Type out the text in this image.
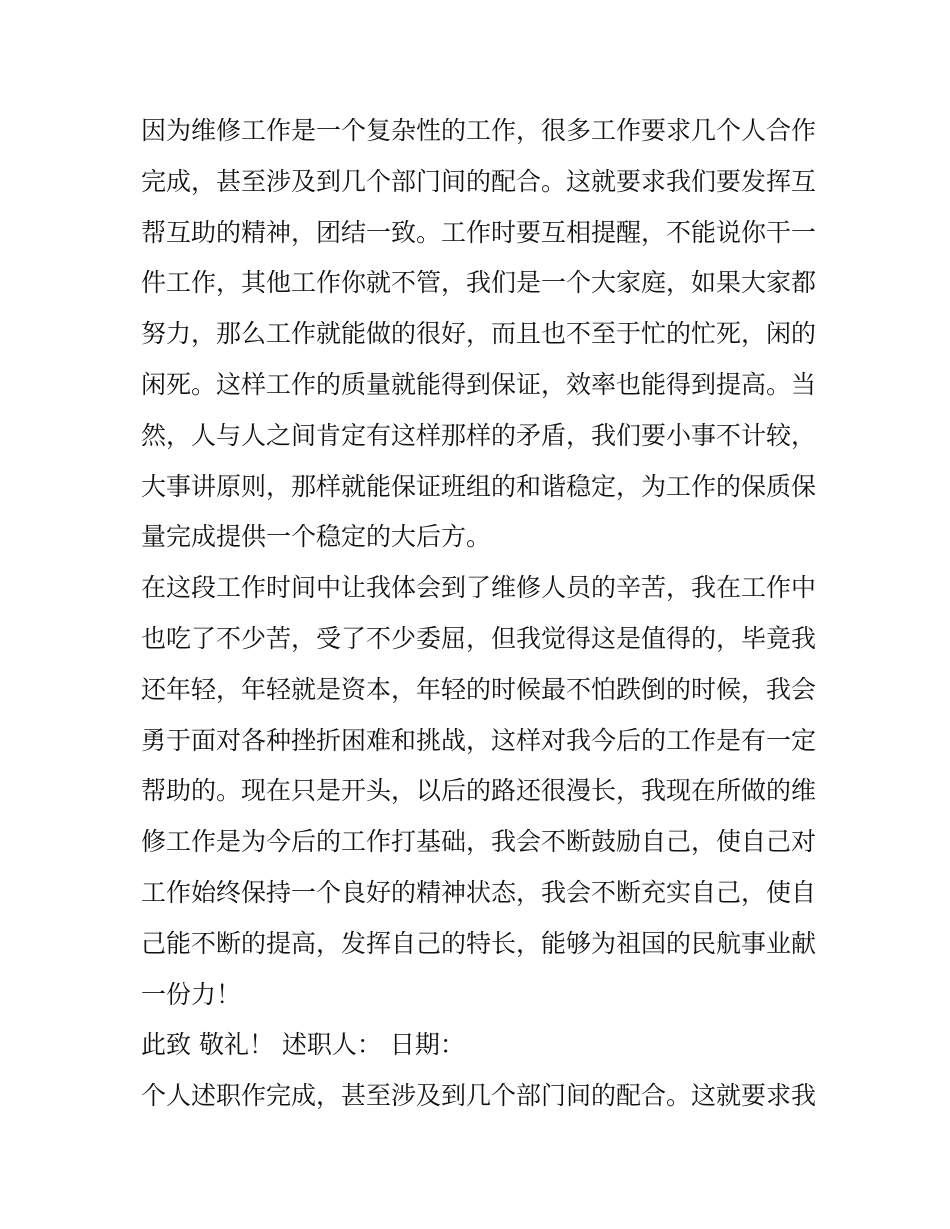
因为维修工作是一个复杂性的工作，很多工作要求几个人合作
完成，甚至涉及到几个部门间的配合。这就要求我们要发挥互
帮互助的精神，团结一致。工作时要互相提醒，不能说你干一
件工作，其他工作你就不管，我们是一个大家庭，如果大家都
努力，那么工作就能做的很好，而且也不至于忙的忙死，闲的
闲死。这样工作的质量就能得到保证，效率也能得到提高。当
然，人与人之间肯定有这样那样的矛盾，我们要小事不计较，
大事讲原则，那样就能保证班组的和谐稳定，为工作的保质保
量完成提供一个稳定的大后方。
在这段工作时间中让我体会到了维修人员的辛苦，我在工作中
也吃了不少苦，受了不少委屈，但我觉得这是值得的，毕竟我
还年轻，年轻就是资本，年轻的时候最不怕跌倒的时候，我会
勇于面对各种挫折困难和挑战，这样对我今后的工作是有一定
帮助的。现在只是开头，以后的路还很漫长，我现在所做的维
修工作是为今后的工作打基础，我会不断鼓励自己，使自己对
工作始终保持一个良好的精神状态，我会不断充实自己，使自
己能不断的提高，发挥自己的特长，能够为祖国的民航事业献
一份力！
此致 敬礼！ 述职人： 日期：
个人述职作完成，甚至涉及到几个部门间的配合。这就要求我
